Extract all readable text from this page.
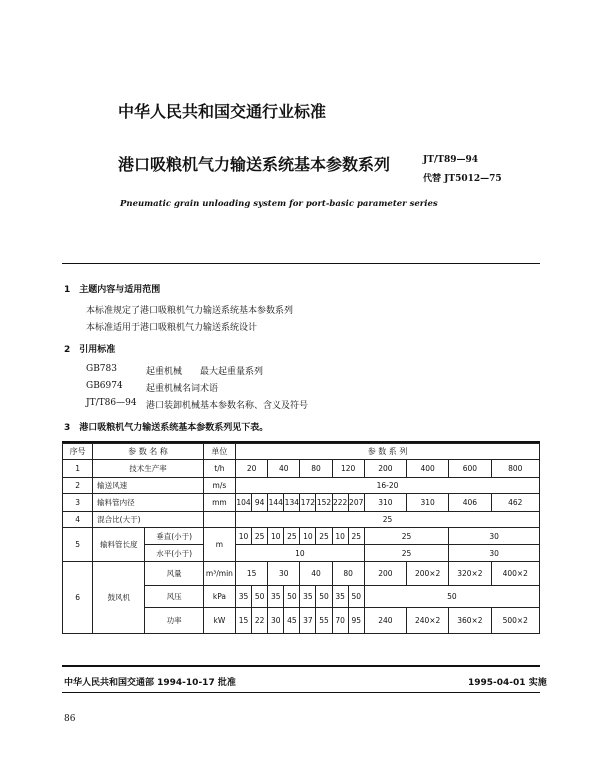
中华人民共和国交通行业标准
港口吸粮机气力输送系统基本参数系列	JT/T89—94
代替 JT5012—75
Pneumatic grain unloading system for port-basic parameter series
1　主题内容与适用范围
本标准规定了港口吸粮机气力输送系统基本参数系列
本标准适用于港口吸粮机气力输送系统设计
2　引用标准
GB783	起重机械　　最大起重量系列
GB6974	起重机械名词术语
JT/T86—94 港口装卸机械基本参数名称、含义及符号
3　港口吸粮机气力输送系统基本参数系列见下表。
序号	参 数 名 称		单位	参 数 系 列											
1	技术生产率		t/h	20		40		80		120		200	400	600	800
2	输送风速		m/s	16-20											
3	输料管内径		mm	104	94	144	134	172	152	222	207	310	310	406	462
4	混合比(大于)			25											
5	输料管长度	垂直(小于)	m	10	25	10	25	10	25	10	25	25		30	
		水平(小于)		10								25		30	
6	鼓风机	风量	m³/min	15		30		40		80		200	200×2	320×2	400×2
		风压	kPa	35	50	35	50	35	50	35	50	50			
		功率	kW	15	22	30	45	37	55	70	95	240	240×2	360×2	500×2
中华人民共和国交通部 1994-10-17 批准	1995-04-01 实施
86
